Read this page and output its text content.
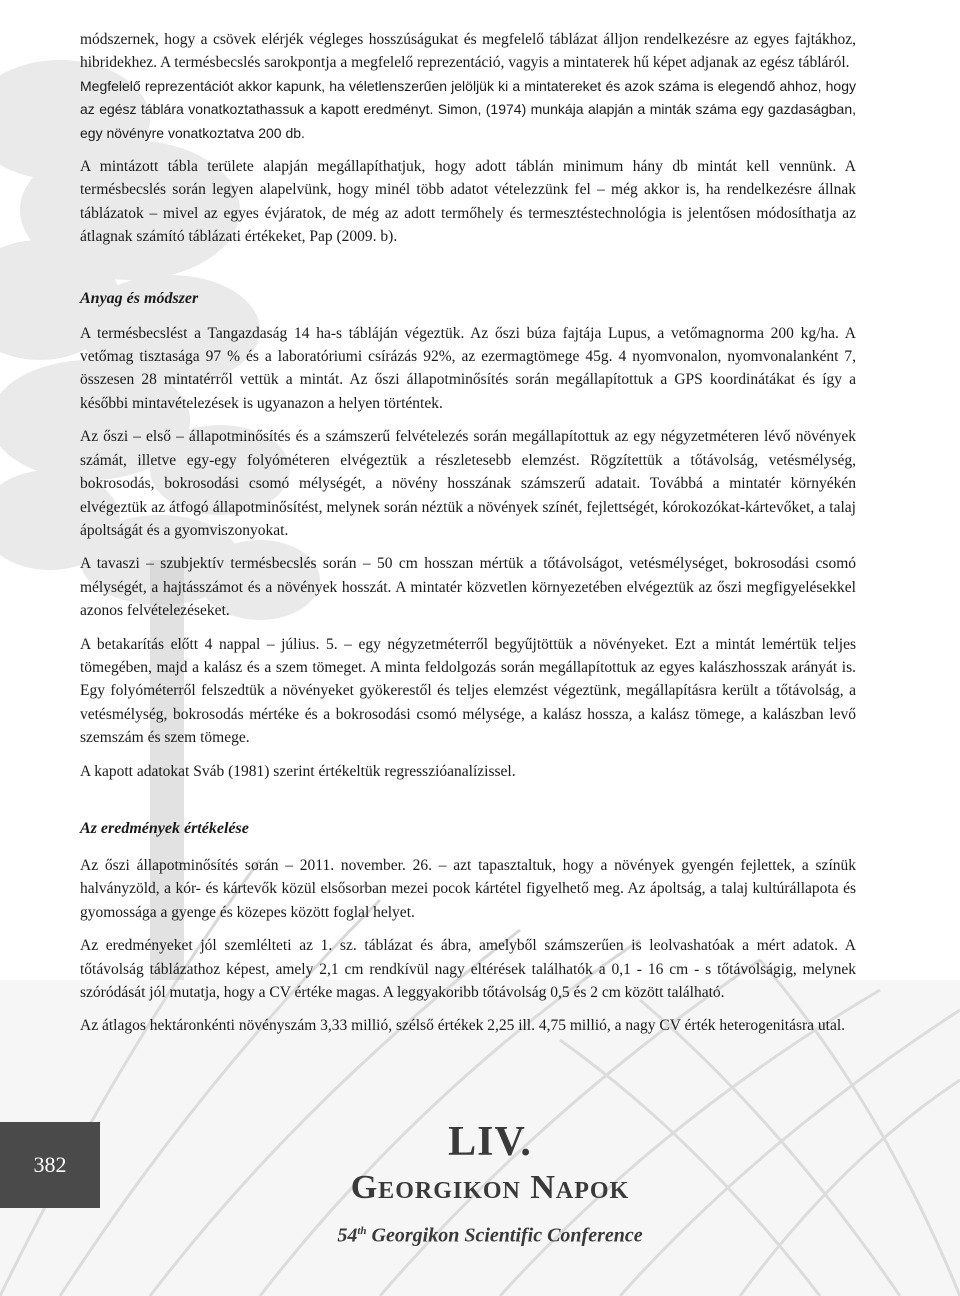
módszernek, hogy a csövek elérjék végleges hosszúságukat és megfelelő táblázat álljon rendelkezésre az egyes fajtákhoz, hibridekhez. A termésbecslés sarokpontja a megfelelő reprezentáció, vagyis a mintaterek hű képet adjanak az egész tábláról.

Megfelelő reprezentációt akkor kapunk, ha véletlenszerűen jelöljük ki a mintatereket és azok száma is elegendő ahhoz, hogy az egész táblára vonatkoztathassuk a kapott eredményt. Simon, (1974) munkája alapján a minták száma egy gazdaságban, egy növényre vonatkoztatva 200 db.

A mintázott tábla területe alapján megállapíthatjuk, hogy adott táblán minimum hány db mintát kell vennünk. A termésbecslés során legyen alapelvünk, hogy minél több adatot vételezzünk fel – még akkor is, ha rendelkezésre állnak táblázatok – mivel az egyes évjáratok, de még az adott termőhely és termesztéstechnológia is jelentősen módosíthatja az átlagnak számító táblázati értékeket, Pap (2009. b).

Anyag és módszer

A termésbecslést a Tangazdaság 14 ha-s tábláján végeztük. Az őszi búza fajtája Lupus, a vetőmagnorma 200 kg/ha. A vetőmag tisztasága 97 % és a laboratóriumi csírázás 92%, az ezermagtömege 45g. 4 nyomvonalon, nyomvonalanként 7, összesen 28 mintatérről vettük a mintát. Az őszi állapotminősítés során megállapítottuk a GPS koordinátákat és így a későbbi mintavételezések is ugyanazon a helyen történtek.

Az őszi – első – állapotminősítés és a számszerű felvételezés során megállapítottuk az egy négyzetméteren lévő növények számát, illetve egy-egy folyóméteren elvégeztük a részletesebb elemzést. Rögzítettük a tőtávolság, vetésmélység, bokrosodás, bokrosodási csomó mélységét, a növény hosszának számszerű adatait. Továbbá a mintatér környékén elvégeztük az átfogó állapotminősítést, melynek során néztük a növények színét, fejlettségét, kórokozókat-kártevőket, a talaj ápoltságát és a gyomviszonyokat.

A tavaszi – szubjektív termésbecslés során – 50 cm hosszan mértük a tőtávolságot, vetésmélységet, bokrosodási csomó mélységét, a hajtásszámot és a növények hosszát. A mintatér közvetlen környezetében elvégeztük az őszi megfigyelésekkel azonos felvételezéseket.

A betakarítás előtt 4 nappal – július. 5. – egy négyzetméterről begyűjtöttük a növényeket. Ezt a mintát lemértük teljes tömegében, majd a kalász és a szem tömeget. A minta feldolgozás során megállapítottuk az egyes kalászhosszak arányát is. Egy folyóméterről felszedtük a növényeket gyökerestől és teljes elemzést végeztünk, megállapításra került a tőtávolság, a vetésmélység, bokrosodás mértéke és a bokrosodási csomó mélysége, a kalász hossza, a kalász tömege, a kalászban levő szemszám és szem tömege.

A kapott adatokat Sváb (1981) szerint értékeltük regresszióanalízissel.

Az eredmények értékelése

Az őszi állapotminősítés során – 2011. november. 26. – azt tapasztaltuk, hogy a növények gyengén fejlettek, a színük halványzöld, a kór- és kártevők közül elsősorban mezei pocok kártétel figyelhető meg. Az ápoltság, a talaj kultúrállapota és gyomossága a gyenge és közepes között foglal helyet.

Az eredményeket jól szemlélteti az 1. sz. táblázat és ábra, amelyből számszerűen is leolvashatóak a mért adatok. A tőtávolság táblázathoz képest, amely 2,1 cm rendkívül nagy eltérések találhatók a 0,1 - 16 cm - s tőtávolságig, melynek szóródását jól mutatja, hogy a CV értéke magas. A leggyakoribb tőtávolság 0,5 és 2 cm között található.

Az átlagos hektáronkénti növényszám 3,33 millió, szélső értékek 2,25 ill. 4,75 millió, a nagy CV érték heterogenitásra utal.

382	LIV.
Georgikon Napok
54th Georgikon Scientific Conference
